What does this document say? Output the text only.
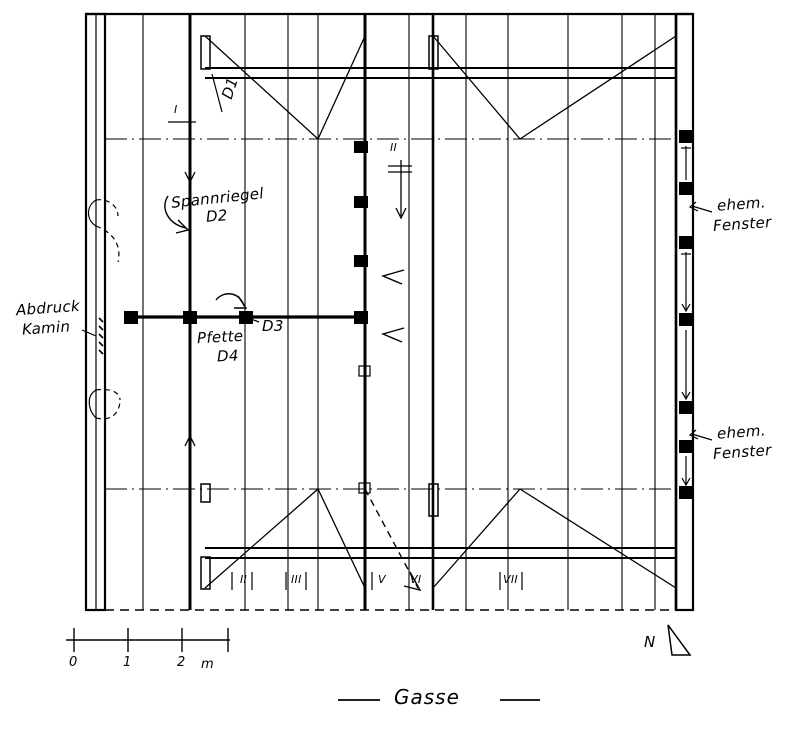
Spannriegel
D2
D3
Pfette
D4
D1
Abdruck
Kamin
ehem.
Fenster
ehem.
Fenster
II	III	V VI	VII
I
II
N
0	1	2 m
Gasse
